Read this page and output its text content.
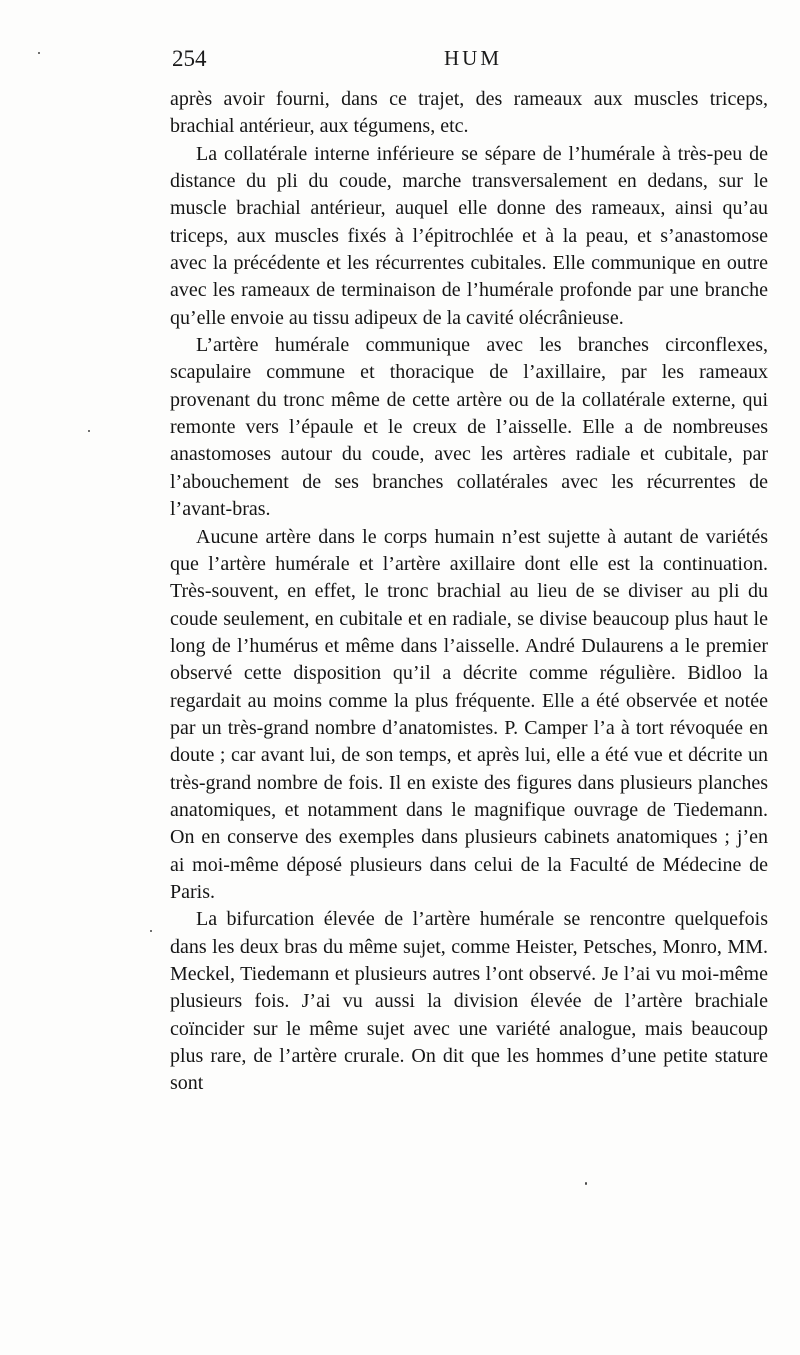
254	HUM

après avoir fourni, dans ce trajet, des rameaux aux muscles triceps, brachial antérieur, aux tégumens, etc.

La collatérale interne inférieure se sépare de l’humérale à très-peu de distance du pli du coude, marche transversalement en dedans, sur le muscle brachial antérieur, auquel elle donne des rameaux, ainsi qu’au triceps, aux muscles fixés à l’épitrochlée et à la peau, et s’anastomose avec la précédente et les récurrentes cubitales. Elle communique en outre avec les rameaux de terminaison de l’humérale profonde par une branche qu’elle envoie au tissu adipeux de la cavité olécrânieuse.

L’artère humérale communique avec les branches circonflexes, scapulaire commune et thoracique de l’axillaire, par les rameaux provenant du tronc même de cette artère ou de la collatérale externe, qui remonte vers l’épaule et le creux de l’aisselle. Elle a de nombreuses anastomoses autour du coude, avec les artères radiale et cubitale, par l’abouchement de ses branches collatérales avec les récurrentes de l’avant-bras.

Aucune artère dans le corps humain n’est sujette à autant de variétés que l’artère humérale et l’artère axillaire dont elle est la continuation. Très-souvent, en effet, le tronc brachial au lieu de se diviser au pli du coude seulement, en cubitale et en radiale, se divise beaucoup plus haut le long de l’humérus et même dans l’aisselle. André Dulaurens a le premier observé cette disposition qu’il a décrite comme régulière. Bidloo la regardait au moins comme la plus fréquente. Elle a été observée et notée par un très-grand nombre d’anatomistes. P. Camper l’a à tort révoquée en doute ; car avant lui, de son temps, et après lui, elle a été vue et décrite un très-grand nombre de fois. Il en existe des figures dans plusieurs planches anatomiques, et notamment dans le magnifique ouvrage de Tiedemann. On en conserve des exemples dans plusieurs cabinets anatomiques ; j’en ai moi-même déposé plusieurs dans celui de la Faculté de Médecine de Paris.

La bifurcation élevée de l’artère humérale se rencontre quelquefois dans les deux bras du même sujet, comme Heister, Petsches, Monro, MM. Meckel, Tiedemann et plusieurs autres l’ont observé. Je l’ai vu moi-même plusieurs fois. J’ai vu aussi la division élevée de l’artère brachiale coïncider sur le même sujet avec une variété analogue, mais beaucoup plus rare, de l’artère crurale. On dit que les hommes d’une petite stature sont
